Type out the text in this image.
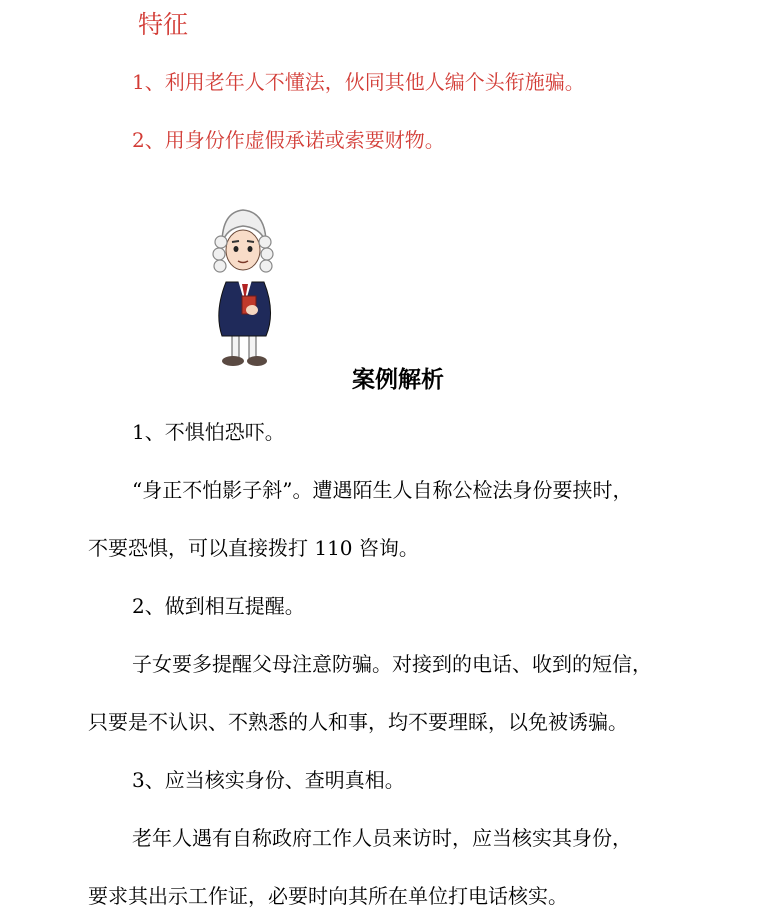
特征
1、利用老年人不懂法，伙同其他人编个头衔施骗。
2、用身份作虚假承诺或索要财物。
案例解析
1、不惧怕恐吓。
“身正不怕影子斜”。遭遇陌生人自称公检法身份要挟时，
不要恐惧，可以直接拨打 110 咨询。
2、做到相互提醒。
子女要多提醒父母注意防骗。对接到的电话、收到的短信，
只要是不认识、不熟悉的人和事，均不要理睬，以免被诱骗。
3、应当核实身份、查明真相。
老年人遇有自称政府工作人员来访时，应当核实其身份，
要求其出示工作证，必要时向其所在单位打电话核实。
